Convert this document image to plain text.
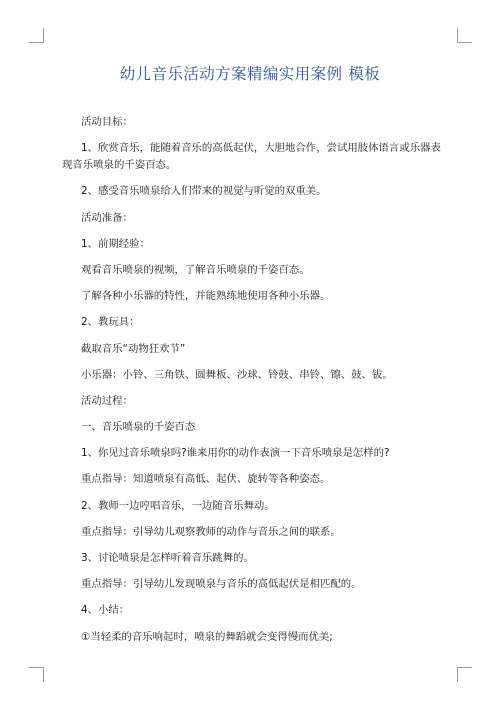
幼儿音乐活动方案精编实用案例 模板

活动目标：

1、欣赏音乐，能随着音乐的高低起伏，大胆地合作，尝试用肢体语言或乐器表现音乐喷泉的千姿百态。

2、感受音乐喷泉给人们带来的视觉与听觉的双重美。

活动准备：

1、前期经验：

观看音乐喷泉的视频，了解音乐喷泉的千姿百态。

了解各种小乐器的特性，并能熟练地使用各种小乐器。

2、教玩具：

截取音乐“动物狂欢节”

小乐器：小铃、三角铁、圆舞板、沙球、铃鼓、串铃、镲、鼓、钹。

活动过程：

一、音乐喷泉的千姿百态

1、你见过音乐喷泉吗?谁来用你的动作表演一下音乐喷泉是怎样的?

重点指导：知道喷泉有高低、起伏、旋转等各种姿态。

2、教师一边哼唱音乐，一边随音乐舞动。

重点指导：引导幼儿观察教师的动作与音乐之间的联系。

3、讨论喷泉是怎样听着音乐跳舞的。

重点指导：引导幼儿发现喷泉与音乐的高低起伏是相匹配的。

4、小结：

①当轻柔的音乐响起时，喷泉的舞蹈就会变得慢而优美;
